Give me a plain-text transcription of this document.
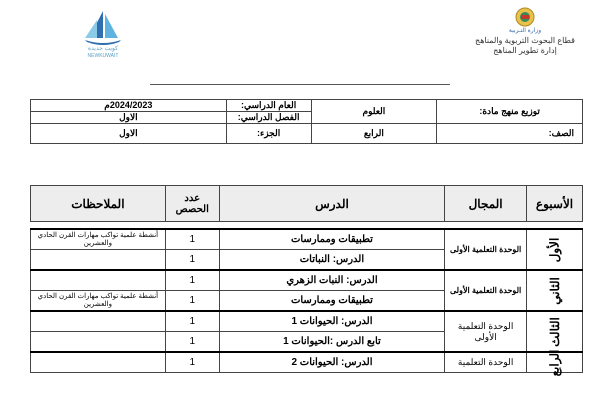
كويت جديدة
NEWKUWAIT
وزارة التـربية
قطاع البحوث التربوية والمناهج
إدارة تطوير المناهج
توزيع منهج مادة:	العلوم	العام الدراسي:	2024/2023م
		الفصل الدراسي:	الاول
الصف:	الرابع	الجزء:	الاول
الأسبوع	المجال	الدرس	عدد الحصص	الملاحظات

الأول	الوحدة التعلمية الأولى	تطبيقات وممارسات	1	أنشطة علمية تواكب مهارات القرن الحادي والعشرين
		الدرس: النباتات	1	
الثاني	الوحدة التعلمية الأولى	الدرس: النبات الزهري	1	
		تطبيقات وممارسات	1	أنشطة علمية تواكب مهارات القرن الحادي والعشرين
الثالث	الوحدة التعلمية الأولى	الدرس: الحيوانات 1	1	
		تابع الدرس :الحيوانات 1	1	
الرابع	الوحدة التعلمية	الدرس: الحيوانات 2	1	
